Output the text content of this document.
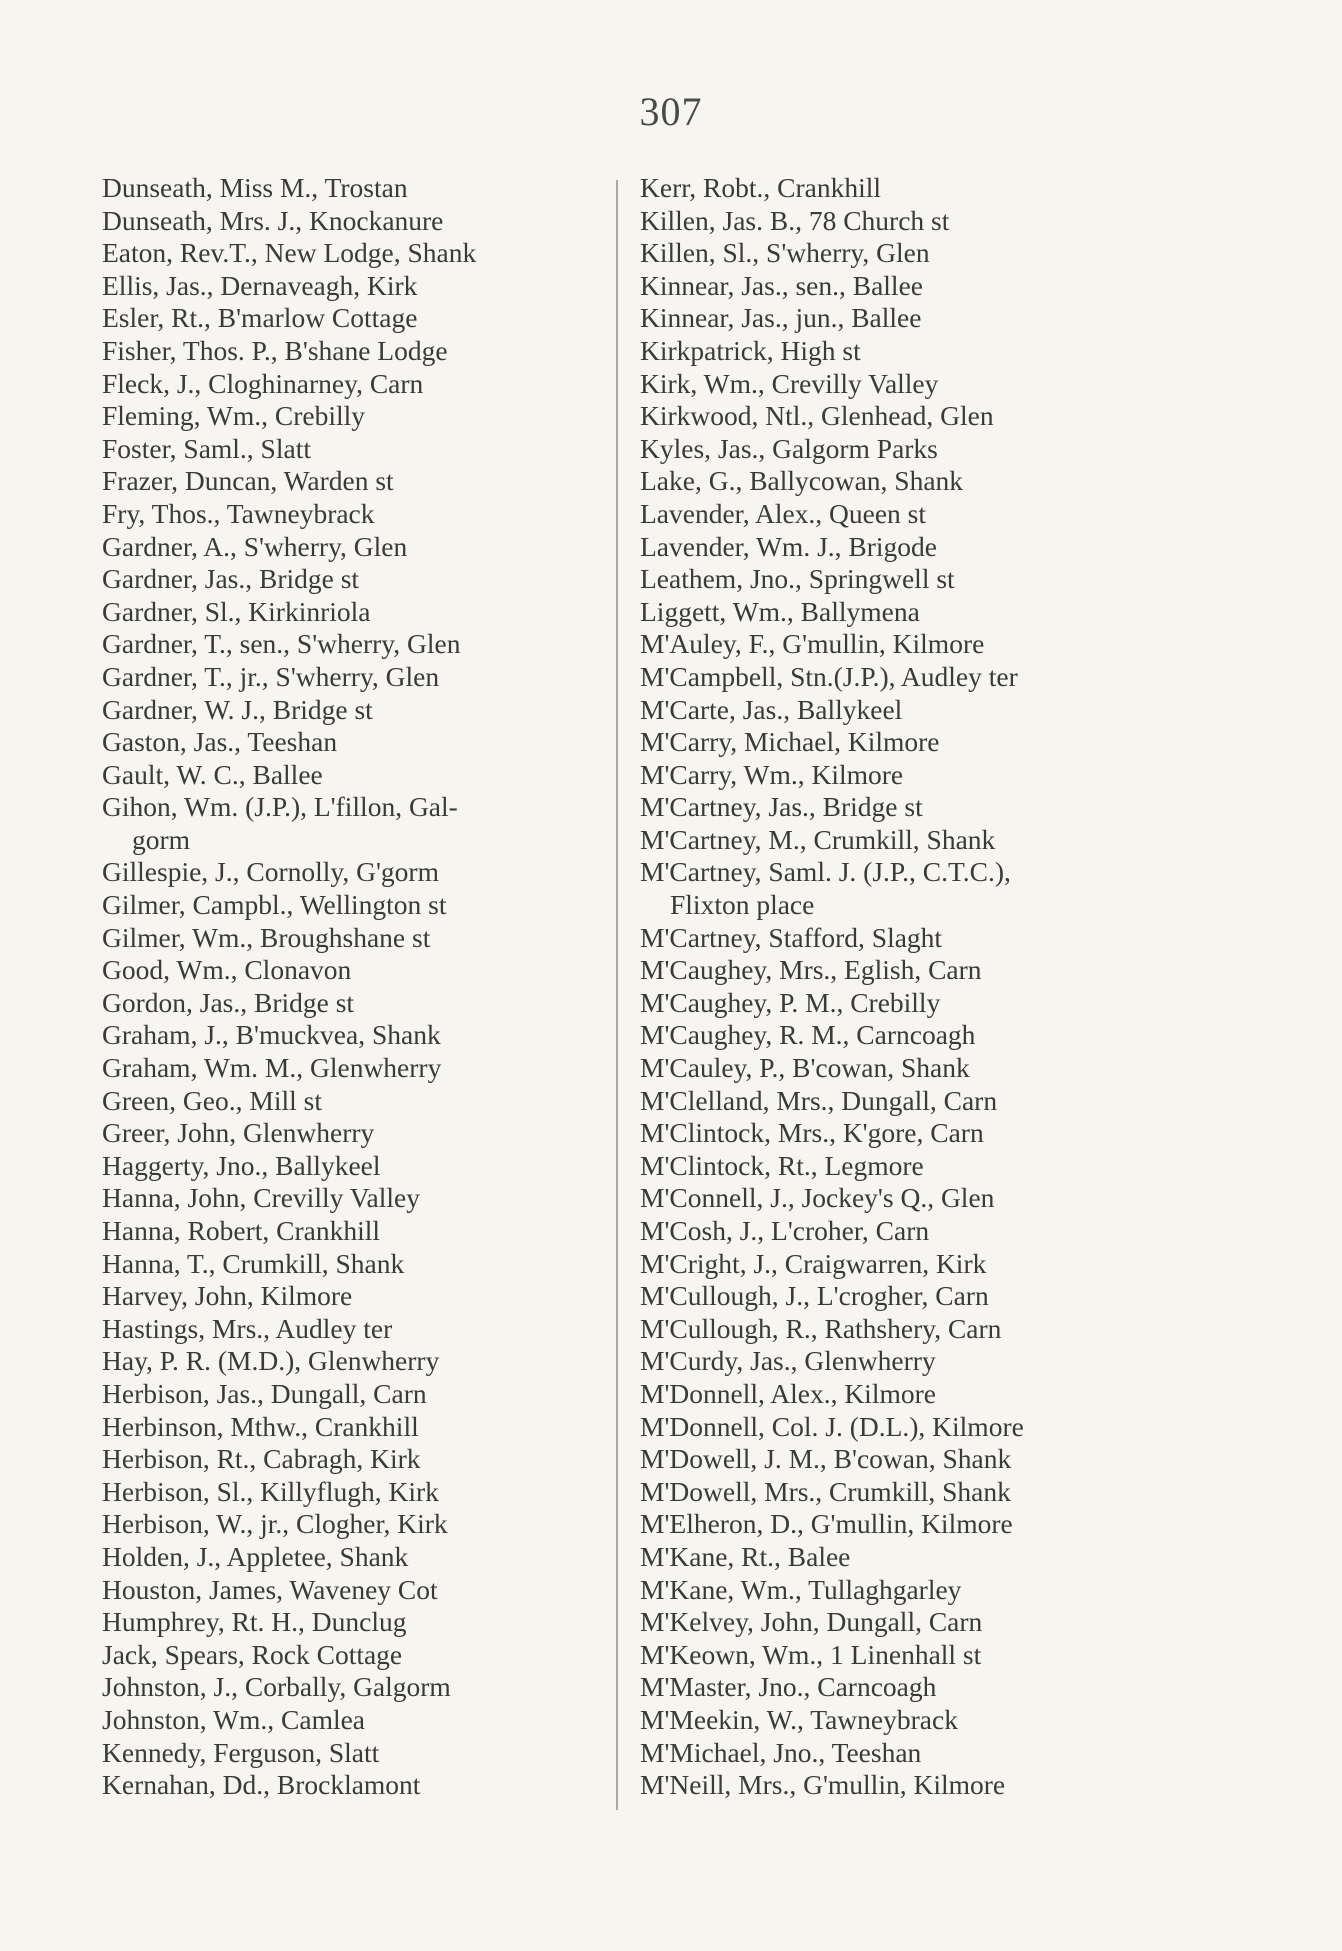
307
Dunseath, Miss M., Trostan
Dunseath, Mrs. J., Knockanure
Eaton, Rev.T., New Lodge, Shank
Ellis, Jas., Dernaveagh, Kirk
Esler, Rt., B'marlow Cottage
Fisher, Thos. P., B'shane Lodge
Fleck, J., Cloghinarney, Carn
Fleming, Wm., Crebilly
Foster, Saml., Slatt
Frazer, Duncan, Warden st
Fry, Thos., Tawneybrack
Gardner, A., S'wherry, Glen
Gardner, Jas., Bridge st
Gardner, Sl., Kirkinriola
Gardner, T., sen., S'wherry, Glen
Gardner, T., jr., S'wherry, Glen
Gardner, W. J., Bridge st
Gaston, Jas., Teeshan
Gault, W. C., Ballee
Gihon, Wm. (J.P.), L'fillon, Gal-
gorm
Gillespie, J., Cornolly, G'gorm
Gilmer, Campbl., Wellington st
Gilmer, Wm., Broughshane st
Good, Wm., Clonavon
Gordon, Jas., Bridge st
Graham, J., B'muckvea, Shank
Graham, Wm. M., Glenwherry
Green, Geo., Mill st
Greer, John, Glenwherry
Haggerty, Jno., Ballykeel
Hanna, John, Crevilly Valley
Hanna, Robert, Crankhill
Hanna, T., Crumkill, Shank
Harvey, John, Kilmore
Hastings, Mrs., Audley ter
Hay, P. R. (M.D.), Glenwherry
Herbison, Jas., Dungall, Carn
Herbinson, Mthw., Crankhill
Herbison, Rt., Cabragh, Kirk
Herbison, Sl., Killyflugh, Kirk
Herbison, W., jr., Clogher, Kirk
Holden, J., Appletee, Shank
Houston, James, Waveney Cot
Humphrey, Rt. H., Dunclug
Jack, Spears, Rock Cottage
Johnston, J., Corbally, Galgorm
Johnston, Wm., Camlea
Kennedy, Ferguson, Slatt
Kernahan, Dd., Brocklamont
Kerr, Robt., Crankhill
Killen, Jas. B., 78 Church st
Killen, Sl., S'wherry, Glen
Kinnear, Jas., sen., Ballee
Kinnear, Jas., jun., Ballee
Kirkpatrick, High st
Kirk, Wm., Crevilly Valley
Kirkwood, Ntl., Glenhead, Glen
Kyles, Jas., Galgorm Parks
Lake, G., Ballycowan, Shank
Lavender, Alex., Queen st
Lavender, Wm. J., Brigode
Leathem, Jno., Springwell st
Liggett, Wm., Ballymena
M'Auley, F., G'mullin, Kilmore
M'Campbell, Stn.(J.P.), Audley ter
M'Carte, Jas., Ballykeel
M'Carry, Michael, Kilmore
M'Carry, Wm., Kilmore
M'Cartney, Jas., Bridge st
M'Cartney, M., Crumkill, Shank
M'Cartney, Saml. J. (J.P., C.T.C.),
Flixton place
M'Cartney, Stafford, Slaght
M'Caughey, Mrs., Eglish, Carn
M'Caughey, P. M., Crebilly
M'Caughey, R. M., Carncoagh
M'Cauley, P., B'cowan, Shank
M'Clelland, Mrs., Dungall, Carn
M'Clintock, Mrs., K'gore, Carn
M'Clintock, Rt., Legmore
M'Connell, J., Jockey's Q., Glen
M'Cosh, J., L'croher, Carn
M'Cright, J., Craigwarren, Kirk
M'Cullough, J., L'crogher, Carn
M'Cullough, R., Rathshery, Carn
M'Curdy, Jas., Glenwherry
M'Donnell, Alex., Kilmore
M'Donnell, Col. J. (D.L.), Kilmore
M'Dowell, J. M., B'cowan, Shank
M'Dowell, Mrs., Crumkill, Shank
M'Elheron, D., G'mullin, Kilmore
M'Kane, Rt., Balee
M'Kane, Wm., Tullaghgarley
M'Kelvey, John, Dungall, Carn
M'Keown, Wm., 1 Linenhall st
M'Master, Jno., Carncoagh
M'Meekin, W., Tawneybrack
M'Michael, Jno., Teeshan
M'Neill, Mrs., G'mullin, Kilmore
